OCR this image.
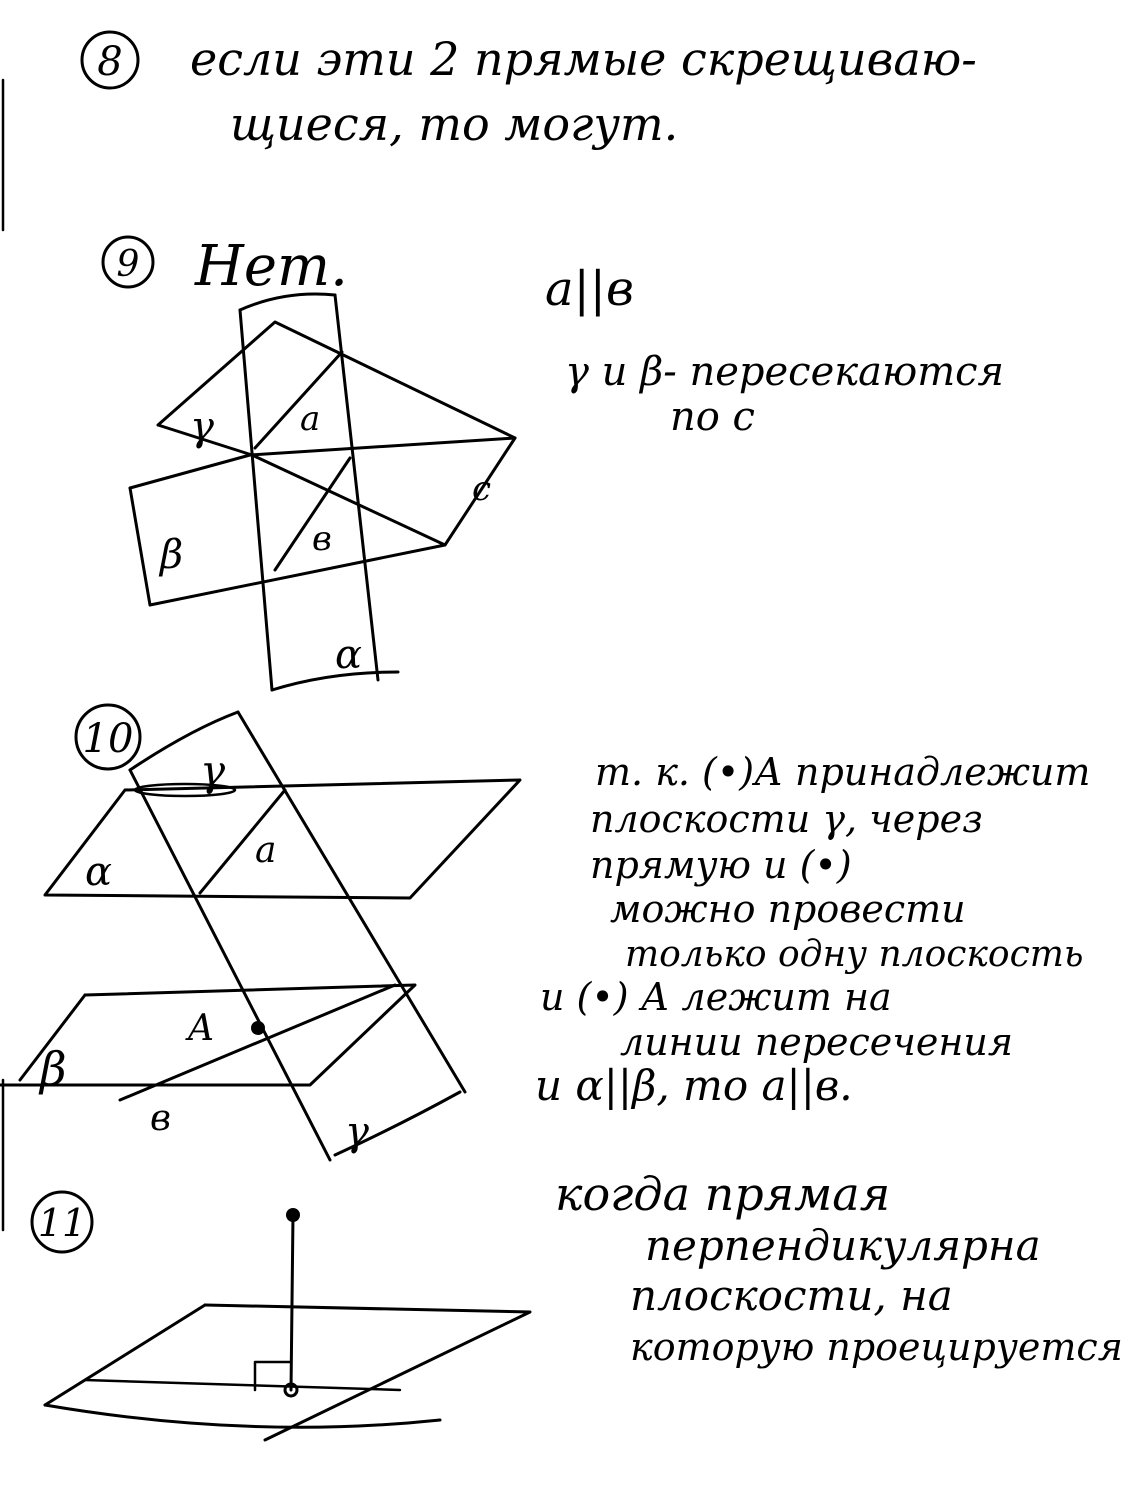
8 если эти 2 прямые скрещиваю-
щиеся, то могут.
9 Нет.
γ	a
с
β	в
α
a||в
γ и β- пересекаются
по с
10
γ
α	a
A
β
в	γ
т. к. (•)А принадлежит
плоскости γ, через
прямую и (•)
можно провести
только одну плоскость
и (•) А лежит на
линии пересечения
и α||β, то a||в.
11
когда прямая
перпендикулярна
плоскости, на
которую проецируется
